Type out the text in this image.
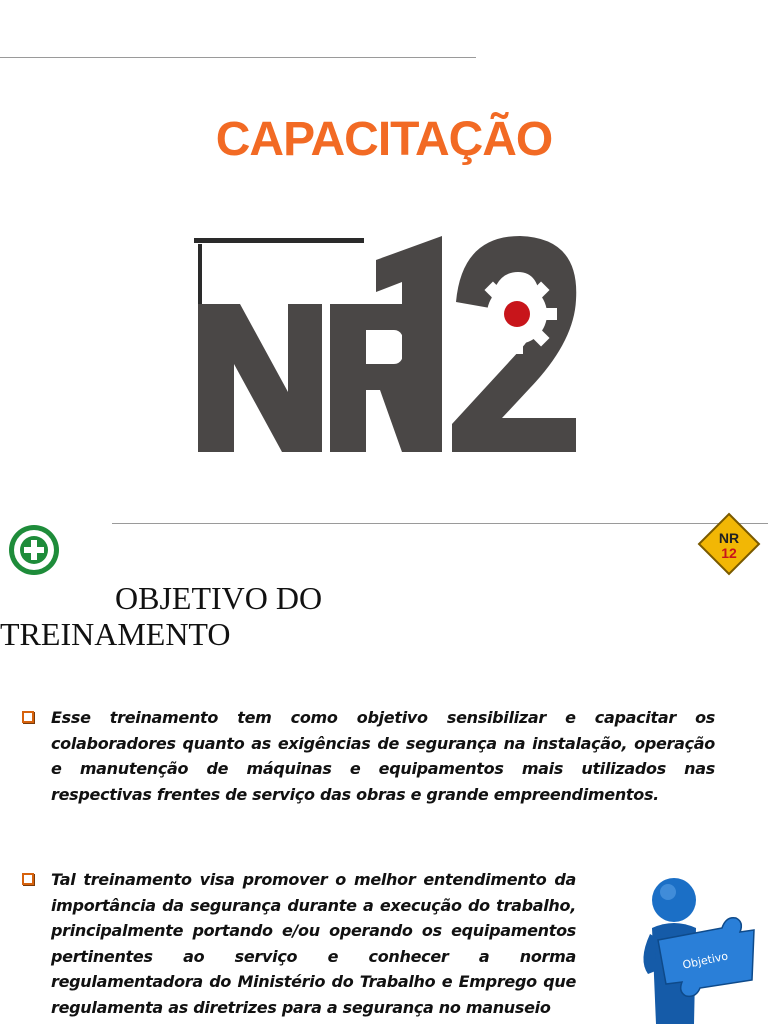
CAPACITAÇÃO
NR
12
OBJETIVO DO
TREINAMENTO
Esse treinamento tem como objetivo sensibilizar e capacitar os colaboradores quanto as exigências de segurança na instalação, operação e manutenção de máquinas e equipamentos mais utilizados nas respectivas frentes de serviço das obras e grande empreendimentos.
Tal treinamento visa promover o melhor entendimento da importância da segurança durante a execução do trabalho, principalmente portando e/ou operando os equipamentos pertinentes ao serviço e conhecer a norma regulamentadora do Ministério do Trabalho e Emprego que regulamenta as diretrizes para a segurança no manuseio
Objetivo
